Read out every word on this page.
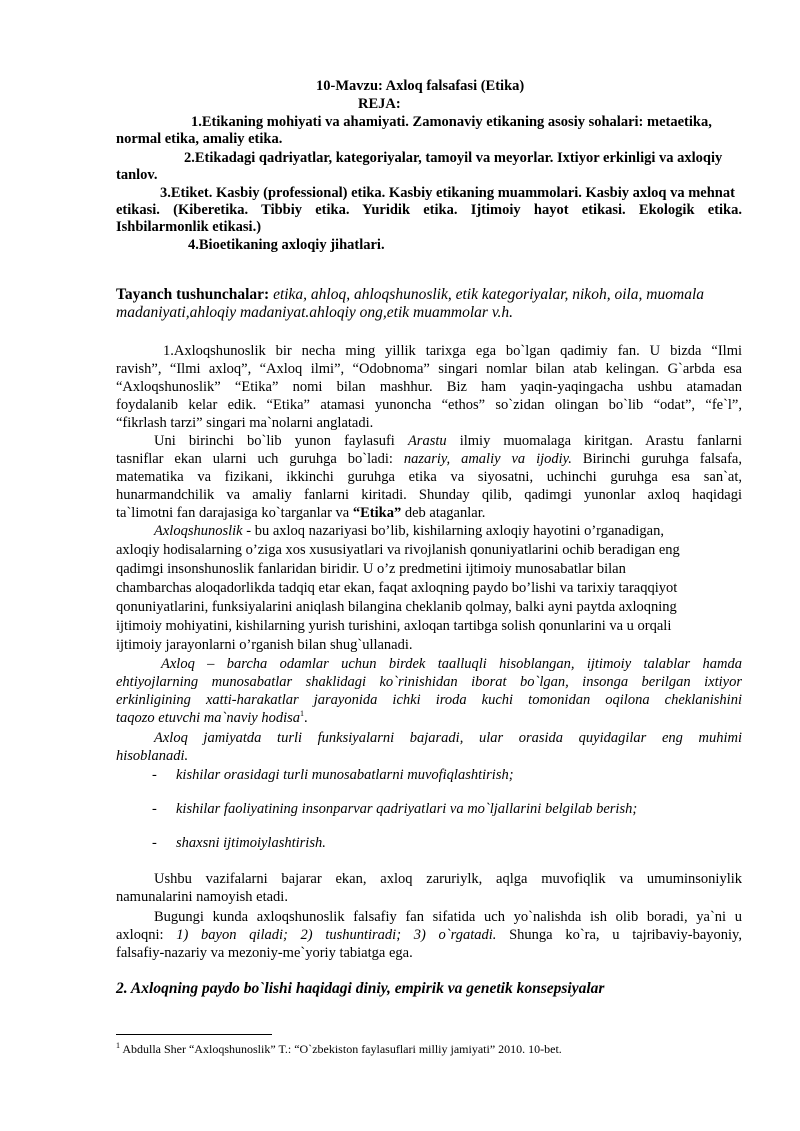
10-Mavzu: Axloq falsafasi (Etika)
REJA:
1.Etikaning mohiyati va ahamiyati. Zamonaviy etikaning asosiy sohalari: metaetika,
normal etika, amaliy etika.
2.Etikadagi qadriyatlar, kategoriyalar, tamoyil va meyorlar. Ixtiyor erkinligi va axloqiy
tanlov.
3.Etiket. Kasbiy (professional) etika. Kasbiy etikaning muammolari. Kasbiy axloq va mehnat
etikasi. (Kiberetika. Tibbiy etika. Yuridik etika. Ijtimoiy hayot etikasi. Ekologik etika.
Ishbilarmonlik etikasi.)
4.Bioetikaning axloqiy jihatlari.
Tayanch tushunchalar: etika, ahloq, ahloqshunoslik, etik kategoriyalar, nikoh, oila, muomala
madaniyati,ahloqiy madaniyat.ahloqiy ong,etik muammolar v.h.
1.Axloqshunoslik bir necha ming yillik tarixga ega bo`lgan qadimiy fan. U bizda “Ilmi
ravish”, “Ilmi axloq”, “Axloq ilmi”, “Odobnoma” singari nomlar bilan atab kelingan. G`arbda esa
“Axloqshunoslik” “Etika” nomi bilan mashhur. Biz ham yaqin-yaqingacha ushbu atamadan
foydalanib kelar edik. “Etika” atamasi yunoncha “ethos” so`zidan olingan bo`lib “odat”, “fe`l”,
“fikrlash tarzi” singari ma`nolarni anglatadi.
Uni birinchi bo`lib yunon faylasufi Arastu ilmiy muomalaga kiritgan. Arastu fanlarni
tasniflar ekan ularni uch guruhga bo`ladi: nazariy, amaliy va ijodiy. Birinchi guruhga falsafa,
matematika va fizikani, ikkinchi guruhga etika va siyosatni, uchinchi guruhga esa san`at,
hunarmandchilik va amaliy fanlarni kiritadi. Shunday qilib, qadimgi yunonlar axloq haqidagi
ta`limotni fan darajasiga ko`targanlar va “Etika” deb ataganlar.
Axloqshunoslik - bu axloq nazariyasi bo’lib, kishilarning axloqiy hayotini o’rganadigan,
axloqiy hodisalarning o’ziga xos xususiyatlari va rivojlanish qonuniyatlarini ochib beradigan eng
qadimgi insonshunoslik fanlaridan biridir. U o’z predmetini ijtimoiy munosabatlar bilan
chambarchas aloqadorlikda tadqiq etar ekan, faqat axloqning paydo bo’lishi va tarixiy taraqqiyot
qonuniyatlarini, funksiyalarini aniqlash bilangina cheklanib qolmay, balki ayni paytda axloqning
ijtimoiy mohiyatini, kishilarning yurish turishini, axloqan tartibga solish qonunlarini va u orqali
ijtimoiy jarayonlarni o’rganish bilan shug`ullanadi.
Axloq – barcha odamlar uchun birdek taalluqli hisoblangan, ijtimoiy talablar hamda
ehtiyojlarning munosabatlar shaklidagi ko`rinishidan iborat bo`lgan, insonga berilgan ixtiyor
erkinligining xatti-harakatlar jarayonida ichki iroda kuchi tomonidan oqilona cheklanishini
taqozo etuvchi ma`naviy hodisa$^1$.
Axloq jamiyatda turli funksiyalarni bajaradi, ular orasida quyidagilar eng muhimi
hisoblanadi.
- kishilar orasidagi turli munosabatlarni muvofiqlashtirish;
- kishilar faoliyatining insonparvar qadriyatlari va mo`ljallarini belgilab berish;
- shaxsni ijtimoiylashtirish.
Ushbu vazifalarni bajarar ekan, axloq zaruriylk, aqlga muvofiqlik va umuminsoniylik
namunalarini namoyish etadi.
Bugungi kunda axloqshunoslik falsafiy fan sifatida uch yo`nalishda ish olib boradi, ya`ni u
axloqni: 1) bayon qiladi; 2) tushuntiradi; 3) o`rgatadi. Shunga ko`ra, u tajribaviy-bayoniy,
falsafiy-nazariy va mezoniy-me`yoriy tabiatga ega.
2. Axloqning paydo bo`lishi haqidagi diniy, empirik va genetik konsepsiyalar
$^1$ Abdulla Sher “Axloqshunoslik” T.: “O`zbekiston faylasuflari milliy jamiyati” 2010. 10-bet.
